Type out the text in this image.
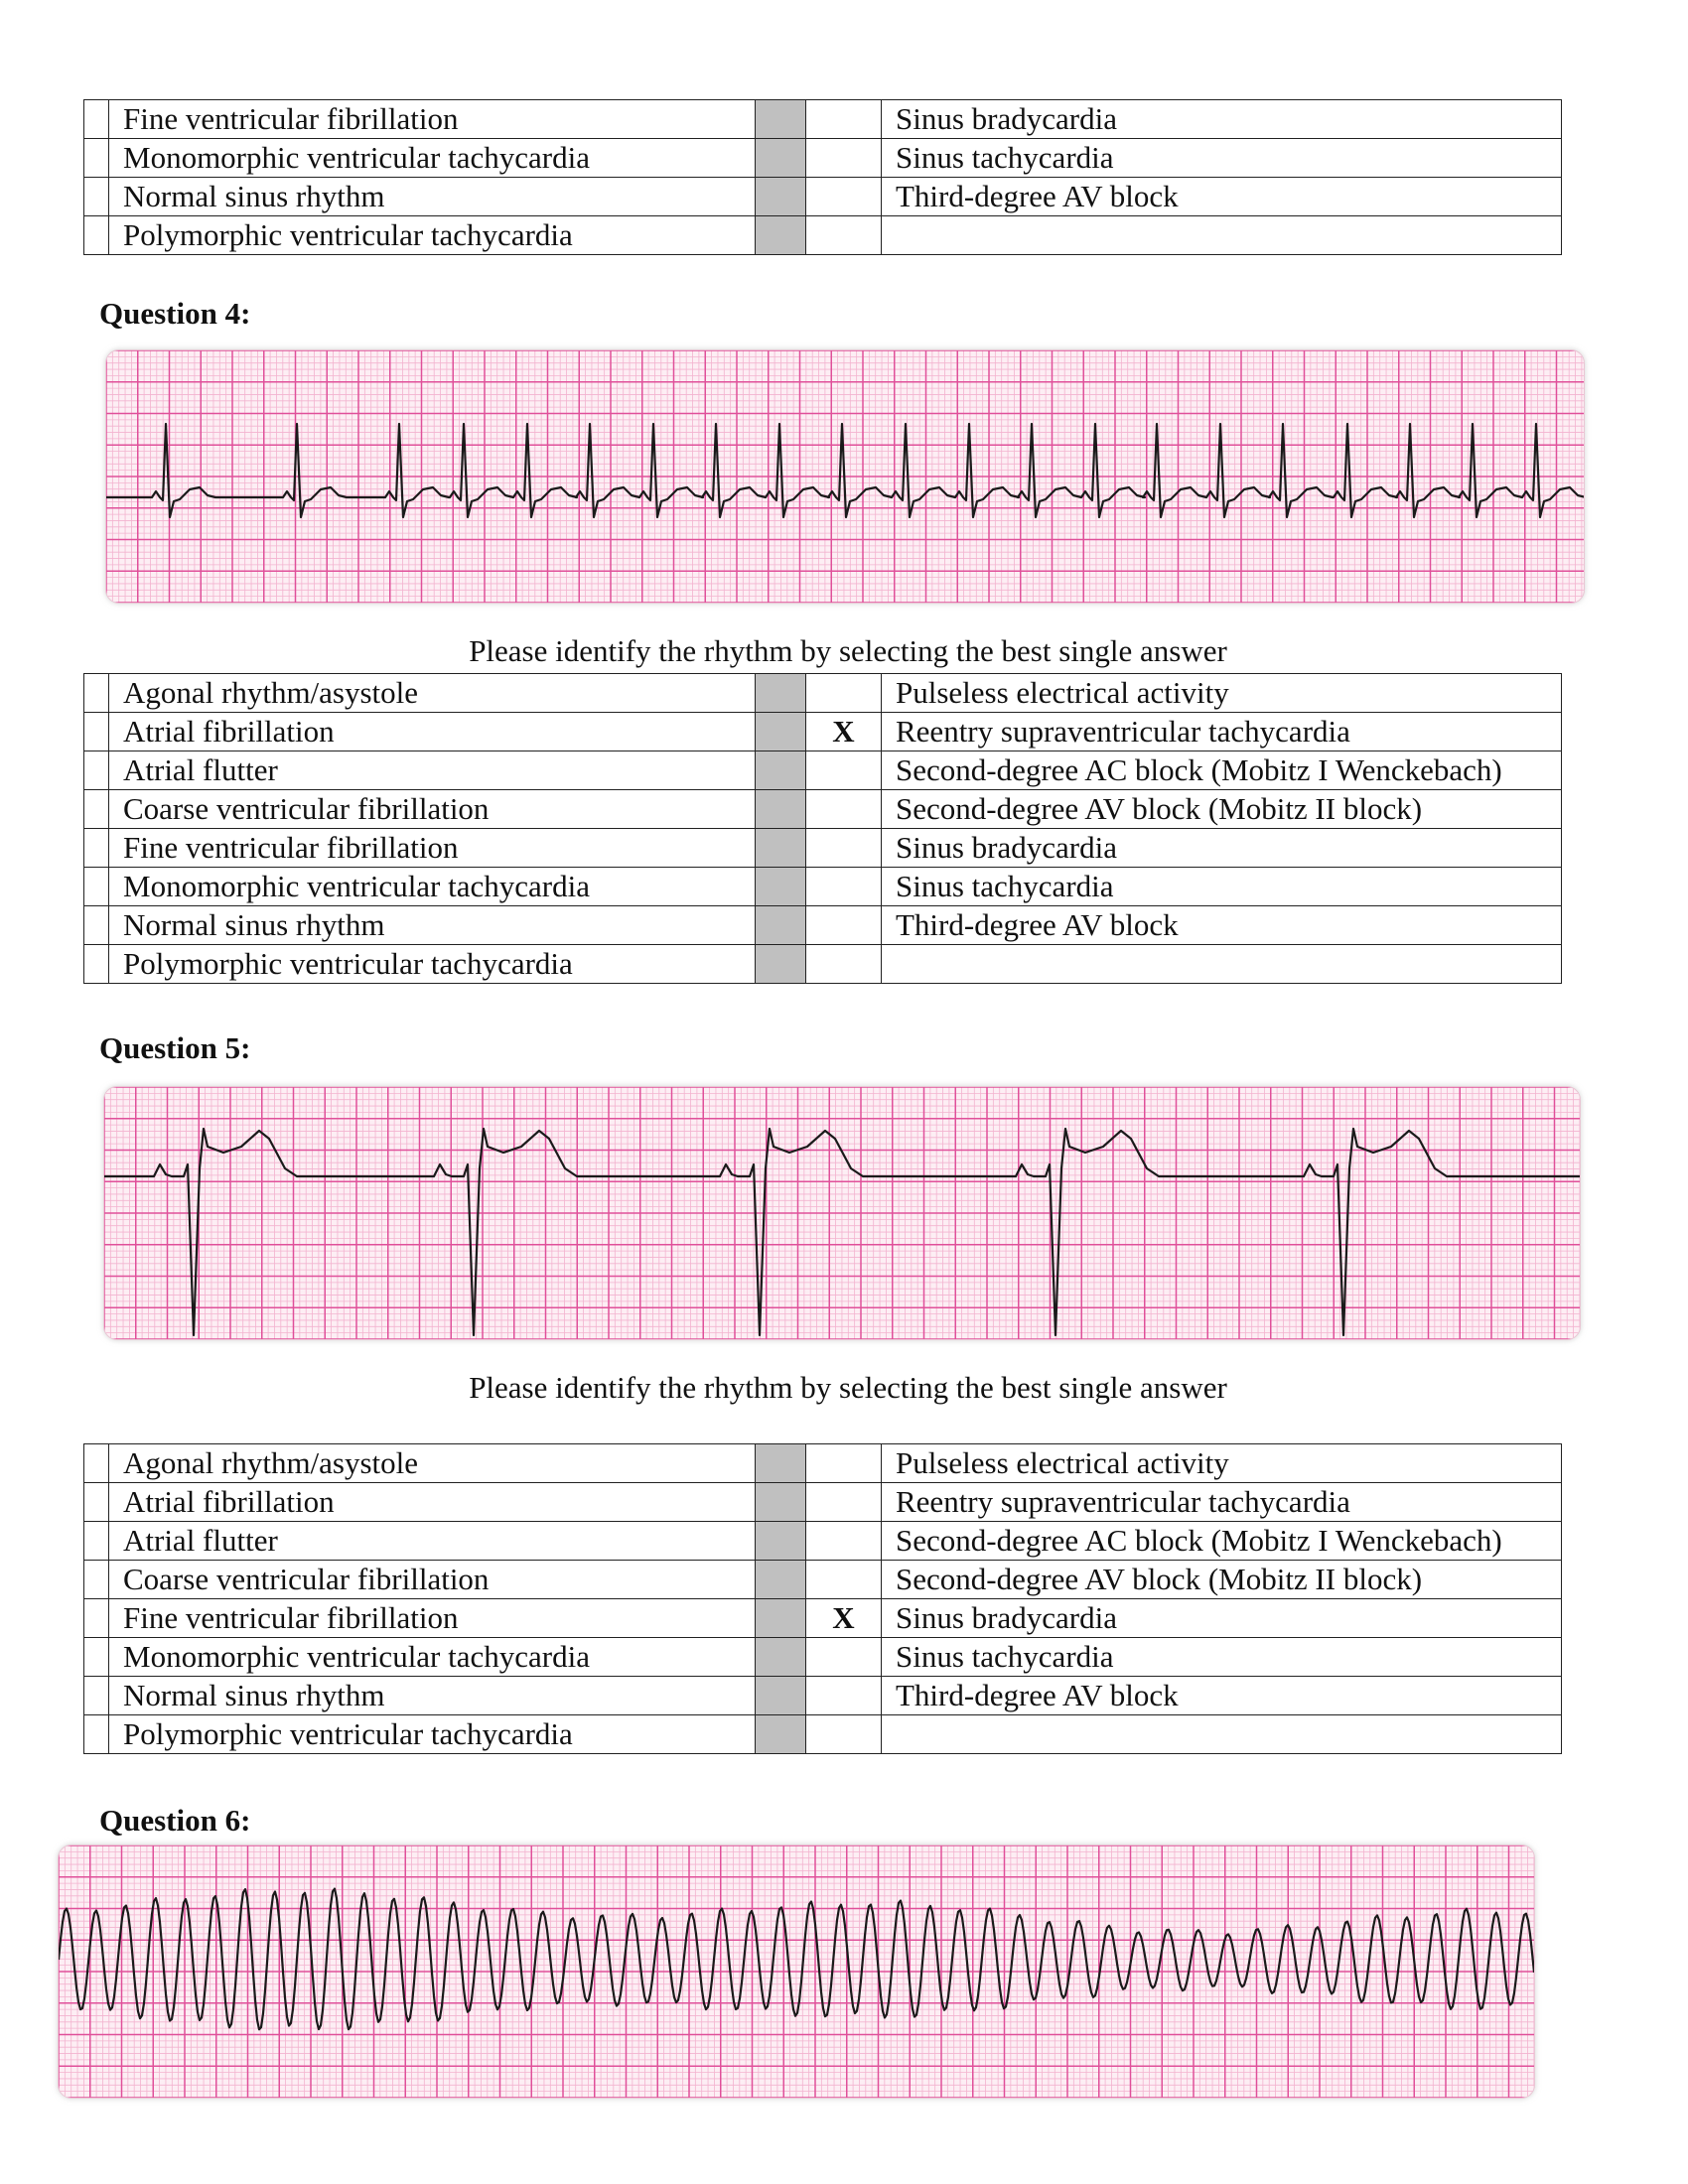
	Fine ventricular fibrillation			Sinus bradycardia
	Monomorphic ventricular tachycardia			Sinus tachycardia
	Normal sinus rhythm			Third-degree AV block
	Polymorphic ventricular tachycardia			
Question 4:
Please identify the rhythm by selecting the best single answer
	Agonal rhythm/asystole			Pulseless electrical activity
	Atrial fibrillation		X	Reentry supraventricular tachycardia
	Atrial flutter			Second-degree AC block (Mobitz I Wenckebach)
	Coarse ventricular fibrillation			Second-degree AV block (Mobitz II block)
	Fine ventricular fibrillation			Sinus bradycardia
	Monomorphic ventricular tachycardia			Sinus tachycardia
	Normal sinus rhythm			Third-degree AV block
	Polymorphic ventricular tachycardia			
Question 5:
Please identify the rhythm by selecting the best single answer
	Agonal rhythm/asystole			Pulseless electrical activity
	Atrial fibrillation			Reentry supraventricular tachycardia
	Atrial flutter			Second-degree AC block (Mobitz I Wenckebach)
	Coarse ventricular fibrillation			Second-degree AV block (Mobitz II block)
	Fine ventricular fibrillation		X	Sinus bradycardia
	Monomorphic ventricular tachycardia			Sinus tachycardia
	Normal sinus rhythm			Third-degree AV block
	Polymorphic ventricular tachycardia			
Question 6:
